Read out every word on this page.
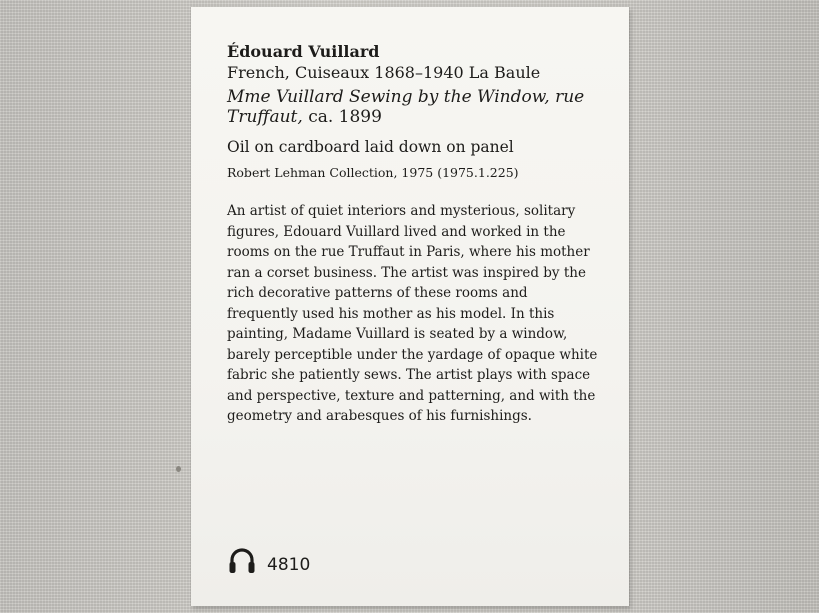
Édouard Vuillard

French, Cuiseaux 1868–1940 La Baule

Mme Vuillard Sewing by the Window, rue Truffaut, ca. 1899

Oil on cardboard laid down on panel

Robert Lehman Collection, 1975 (1975.1.225)

An artist of quiet interiors and mysterious, solitary figures, Edouard Vuillard lived and worked in the rooms on the rue Truffaut in Paris, where his mother ran a corset business. The artist was inspired by the rich decorative patterns of these rooms and frequently used his mother as his model. In this painting, Madame Vuillard is seated by a window, barely perceptible under the yardage of opaque white fabric she patiently sews. The artist plays with space and perspective, texture and patterning, and with the geometry and arabesques of his furnishings.

4810
